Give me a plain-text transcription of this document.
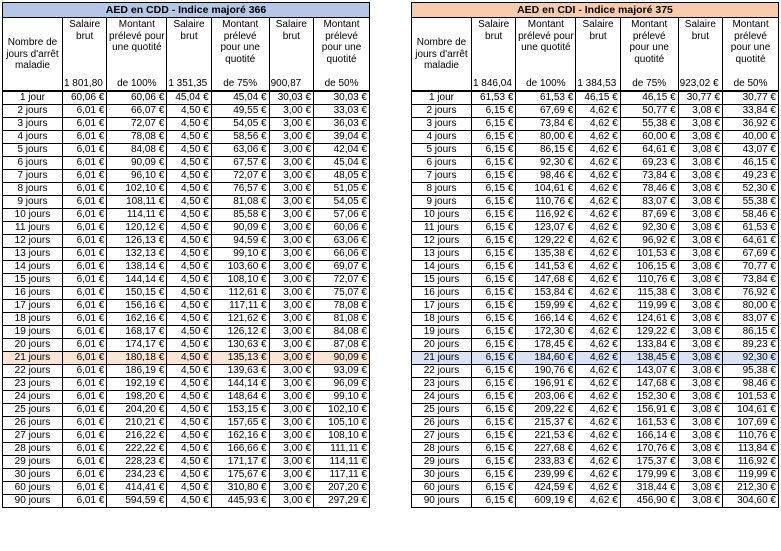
AED en CDD - Indice majoré 366						
Nombre de jours d'arrêt maladie	Salaire brut	Montant prélevé pour une quotité	Salaire brut	Montant prélevé pour une quotité	Salaire brut	Montant prélevé pour une quotité
	1 801,80	de 100%	1 351,35	de 75%	900,87	de 50%
1 jour	60,06 €	60,06 €	45,04 €	45,04 €	30,03 €	30,03 €
2 jours	6,01 €	66,07 €	4,50 €	49,55 €	3,00 €	33,03 €
3 jours	6,01 €	72,07 €	4,50 €	54,05 €	3,00 €	36,03 €
4 jours	6,01 €	78,08 €	4,50 €	58,56 €	3,00 €	39,04 €
5 jours	6,01 €	84,08 €	4,50 €	63,06 €	3,00 €	42,04 €
6 jours	6,01 €	90,09 €	4,50 €	67,57 €	3,00 €	45,04 €
7 jours	6,01 €	96,10 €	4,50 €	72,07 €	3,00 €	48,05 €
8 jours	6,01 €	102,10 €	4,50 €	76,57 €	3,00 €	51,05 €
9 jours	6,01 €	108,11 €	4,50 €	81,08 €	3,00 €	54,05 €
10 jours	6,01 €	114,11 €	4,50 €	85,58 €	3,00 €	57,06 €
11 jours	6,01 €	120,12 €	4,50 €	90,09 €	3,00 €	60,06 €
12 jours	6,01 €	126,13 €	4,50 €	94,59 €	3,00 €	63,06 €
13 jours	6,01 €	132,13 €	4,50 €	99,10 €	3,00 €	66,06 €
14 jours	6,01 €	138,14 €	4,50 €	103,60 €	3,00 €	69,07 €
15 jours	6,01 €	144,14 €	4,50 €	108,10 €	3,00 €	72,07 €
16 jours	6,01 €	150,15 €	4,50 €	112,61 €	3,00 €	75,07 €
17 jours	6,01 €	156,16 €	4,50 €	117,11 €	3,00 €	78,08 €
18 jours	6,01 €	162,16 €	4,50 €	121,62 €	3,00 €	81,08 €
19 jours	6,01 €	168,17 €	4,50 €	126,12 €	3,00 €	84,08 €
20 jours	6,01 €	174,17 €	4,50 €	130,63 €	3,00 €	87,08 €
21 jours	6,01 €	180,18 €	4,50 €	135,13 €	3,00 €	90,09 €
22 jours	6,01 €	186,19 €	4,50 €	139,63 €	3,00 €	93,09 €
23 jours	6,01 €	192,19 €	4,50 €	144,14 €	3,00 €	96,09 €
24 jours	6,01 €	198,20 €	4,50 €	148,64 €	3,00 €	99,10 €
25 jours	6,01 €	204,20 €	4,50 €	153,15 €	3,00 €	102,10 €
26 jours	6,01 €	210,21 €	4,50 €	157,65 €	3,00 €	105,10 €
27 jours	6,01 €	216,22 €	4,50 €	162,16 €	3,00 €	108,10 €
28 jours	6,01 €	222,22 €	4,50 €	166,66 €	3,00 €	111,11 €
29 jours	6,01 €	228,23 €	4,50 €	171,17 €	3,00 €	114,11 €
30 jours	6,01 €	234,23 €	4,50 €	175,67 €	3,00 €	117,11 €
60 jours	6,01 €	414,41 €	4,50 €	310,80 €	3,00 €	207,20 €
90 jours	6,01 €	594,59 €	4,50 €	445,93 €	3,00 €	297,29 €
AED en CDI - Indice majoré 375						
Nombre de jours d'arrêt maladie	Salaire brut	Montant prélevé pour une quotité	Salaire brut	Montant prélevé pour une quotité	Salaire brut	Montant prélevé pour une quotité
	1 846,04	de 100%	1 384,53	de 75%	923,02 €	de 50%
1 jour	61,53 €	61,53 €	46,15 €	46,15 €	30,77 €	30,77 €
2 jours	6,15 €	67,69 €	4,62 €	50,77 €	3,08 €	33,84 €
3 jours	6,15 €	73,84 €	4,62 €	55,38 €	3,08 €	36,92 €
4 jours	6,15 €	80,00 €	4,62 €	60,00 €	3,08 €	40,00 €
5 jours	6,15 €	86,15 €	4,62 €	64,61 €	3,08 €	43,07 €
6 jours	6,15 €	92,30 €	4,62 €	69,23 €	3,08 €	46,15 €
7 jours	6,15 €	98,46 €	4,62 €	73,84 €	3,08 €	49,23 €
8 jours	6,15 €	104,61 €	4,62 €	78,46 €	3,08 €	52,30 €
9 jours	6,15 €	110,76 €	4,62 €	83,07 €	3,08 €	55,38 €
10 jours	6,15 €	116,92 €	4,62 €	87,69 €	3,08 €	58,46 €
11 jours	6,15 €	123,07 €	4,62 €	92,30 €	3,08 €	61,53 €
12 jours	6,15 €	129,22 €	4,62 €	96,92 €	3,08 €	64,61 €
13 jours	6,15 €	135,38 €	4,62 €	101,53 €	3,08 €	67,69 €
14 jours	6,15 €	141,53 €	4,62 €	106,15 €	3,08 €	70,77 €
15 jours	6,15 €	147,68 €	4,62 €	110,76 €	3,08 €	73,84 €
16 jours	6,15 €	153,84 €	4,62 €	115,38 €	3,08 €	76,92 €
17 jours	6,15 €	159,99 €	4,62 €	119,99 €	3,08 €	80,00 €
18 jours	6,15 €	166,14 €	4,62 €	124,61 €	3,08 €	83,07 €
19 jours	6,15 €	172,30 €	4,62 €	129,22 €	3,08 €	86,15 €
20 jours	6,15 €	178,45 €	4,62 €	133,84 €	3,08 €	89,23 €
21 jours	6,15 €	184,60 €	4,62 €	138,45 €	3,08 €	92,30 €
22 jours	6,15 €	190,76 €	4,62 €	143,07 €	3,08 €	95,38 €
23 jours	6,15 €	196,91 €	4,62 €	147,68 €	3,08 €	98,46 €
24 jours	6,15 €	203,06 €	4,62 €	152,30 €	3,08 €	101,53 €
25 jours	6,15 €	209,22 €	4,62 €	156,91 €	3,08 €	104,61 €
26 jours	6,15 €	215,37 €	4,62 €	161,53 €	3,08 €	107,69 €
27 jours	6,15 €	221,53 €	4,62 €	166,14 €	3,08 €	110,76 €
28 jours	6,15 €	227,68 €	4,62 €	170,76 €	3,08 €	113,84 €
29 jours	6,15 €	233,83 €	4,62 €	175,37 €	3,08 €	116,92 €
30 jours	6,15 €	239,99 €	4,62 €	179,99 €	3,08 €	119,99 €
60 jours	6,15 €	424,59 €	4,62 €	318,44 €	3,08 €	212,30 €
90 jours	6,15 €	609,19 €	4,62 €	456,90 €	3,08 €	304,60 €
